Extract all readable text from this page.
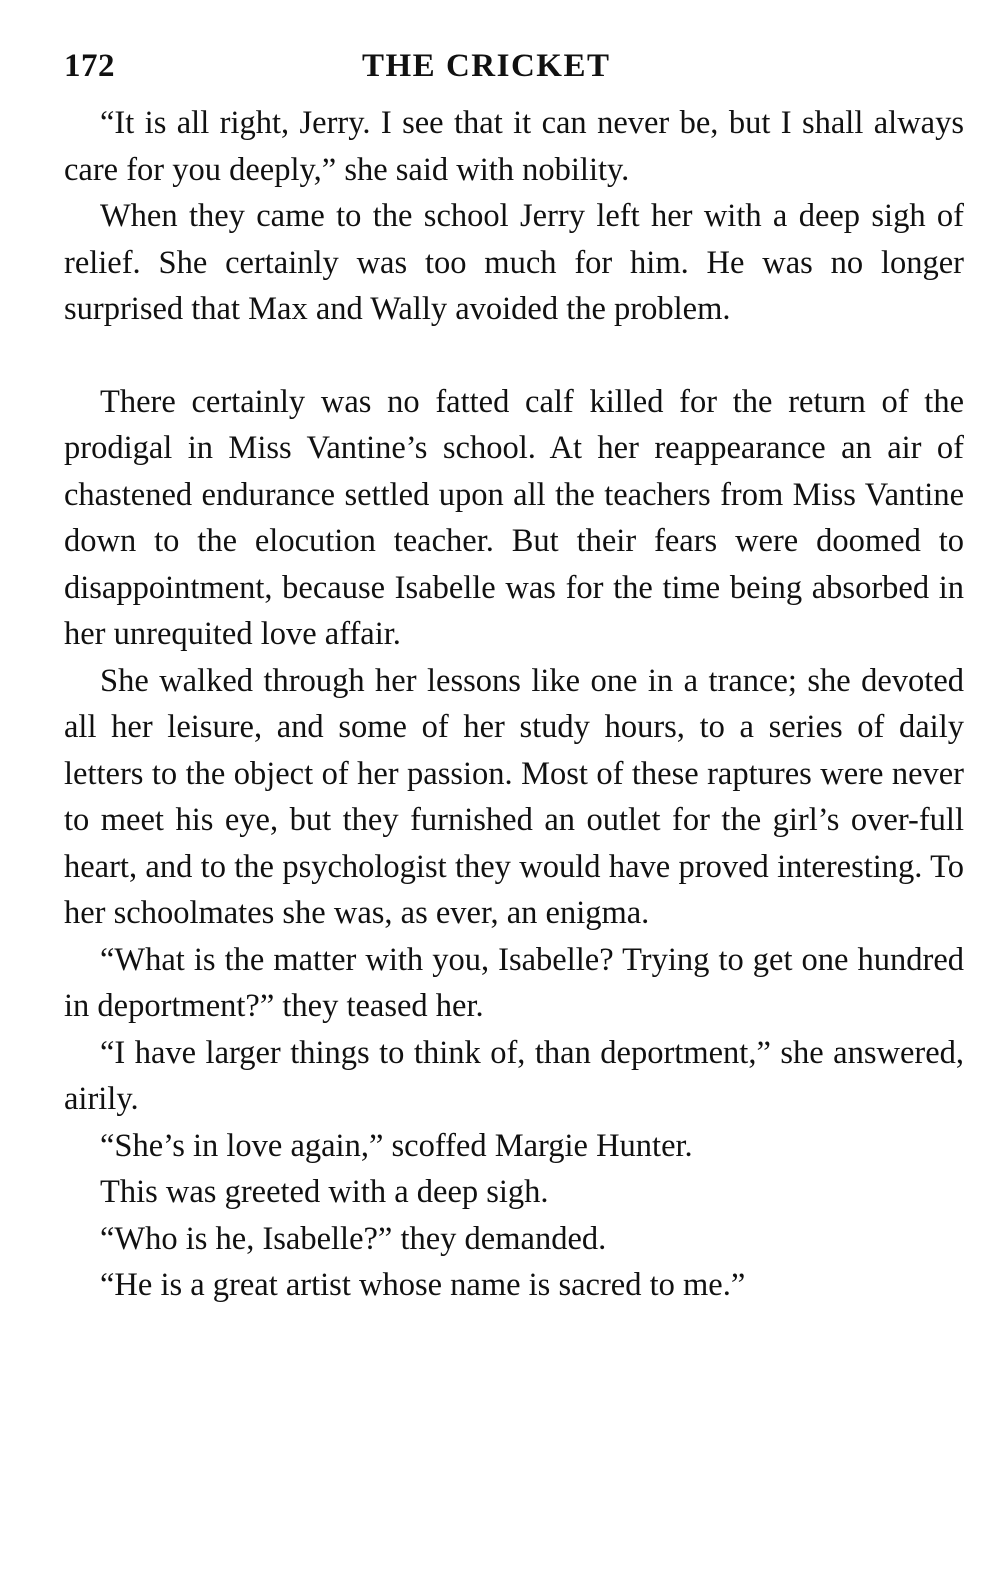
172	THE CRICKET

“It is all right, Jerry. I see that it can never be, but I shall always care for you deeply,” she said with nobility.

When they came to the school Jerry left her with a deep sigh of relief. She certainly was too much for him. He was no longer surprised that Max and Wally avoided the problem.

There certainly was no fatted calf killed for the return of the prodigal in Miss Vantine’s school. At her reappearance an air of chastened endurance settled upon all the teachers from Miss Vantine down to the elocution teacher. But their fears were doomed to disappointment, because Isabelle was for the time being absorbed in her unrequited love affair.

She walked through her lessons like one in a trance; she devoted all her leisure, and some of her study hours, to a series of daily letters to the object of her passion. Most of these raptures were never to meet his eye, but they furnished an outlet for the girl’s over-full heart, and to the psychologist they would have proved interesting. To her schoolmates she was, as ever, an enigma.

“What is the matter with you, Isabelle? Trying to get one hundred in deportment?” they teased her.

“I have larger things to think of, than deportment,” she answered, airily.

“She’s in love again,” scoffed Margie Hunter.

This was greeted with a deep sigh.

“Who is he, Isabelle?” they demanded.

“He is a great artist whose name is sacred to me.”
